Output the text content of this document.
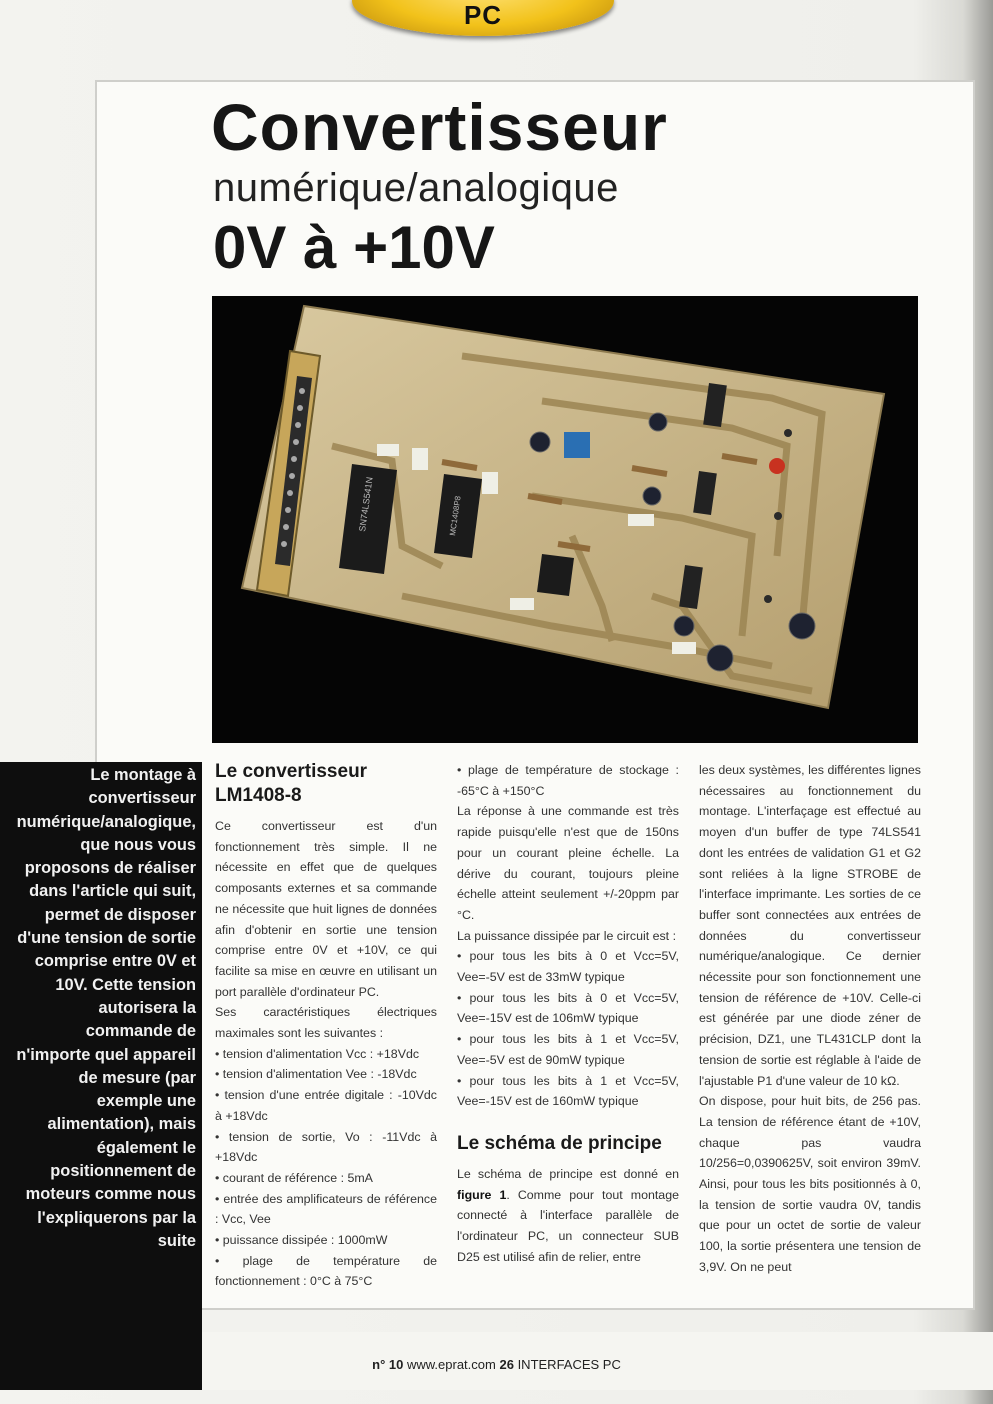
PC
Convertisseur
numérique/analogique
0V à +10V
SN74LS541N	MC1408P8

Le montage à convertisseur numérique/analogique, que nous vous proposons de réaliser dans l'article qui suit, permet de disposer d'une tension de sortie comprise entre 0V et 10V. Cette tension autorisera la commande de n'importe quel appareil de mesure (par exemple une alimentation), mais également le positionnement de moteurs comme nous l'expliquerons par la suite

Le convertisseur LM1408-8

Ce convertisseur est d'un fonctionnement très simple. Il ne nécessite en effet que de quelques composants externes et sa commande ne nécessite que huit lignes de données afin d'obtenir en sortie une tension comprise entre 0V et +10V, ce qui facilite sa mise en œuvre en utilisant un port parallèle d'ordinateur PC.

Ses caractéristiques électriques maximales sont les suivantes :

• tension d'alimentation Vcc : +18Vdc
• tension d'alimentation Vee : -18Vdc
• tension d'une entrée digitale : -10Vdc à +18Vdc
• tension de sortie, Vo : -11Vdc à +18Vdc
• courant de référence : 5mA
• entrée des amplificateurs de référence : Vcc, Vee
• puissance dissipée : 1000mW
• plage de température de fonctionnement : 0°C à 75°C
• plage de température de stockage : -65°C à +150°C

La réponse à une commande est très rapide puisqu'elle n'est que de 150ns pour un courant pleine échelle. La dérive du courant, toujours pleine échelle atteint seulement +/-20ppm par °C.

La puissance dissipée par le circuit est :

• pour tous les bits à 0 et Vcc=5V, Vee=-5V est de 33mW typique
• pour tous les bits à 0 et Vcc=5V, Vee=-15V est de 106mW typique
• pour tous les bits à 1 et Vcc=5V, Vee=-5V est de 90mW typique
• pour tous les bits à 1 et Vcc=5V, Vee=-15V est de 160mW typique
Le schéma de principe

Le schéma de principe est donné en figure 1. Comme pour tout montage connecté à l'interface parallèle de l'ordinateur PC, un connecteur SUB D25 est utilisé afin de relier, entre

les deux systèmes, les différentes lignes nécessaires au fonctionnement du montage. L'interfaçage est effectué au moyen d'un buffer de type 74LS541 dont les entrées de validation G1 et G2 sont reliées à la ligne STROBE de l'interface imprimante. Les sorties de ce buffer sont connectées aux entrées de données du convertisseur numérique/analogique. Ce dernier nécessite pour son fonctionnement une tension de référence de +10V. Celle-ci est générée par une diode zéner de précision, DZ1, une TL431CLP dont la tension de sortie est réglable à l'aide de l'ajustable P1 d'une valeur de 10 kΩ.

On dispose, pour huit bits, de 256 pas. La tension de référence étant de +10V, chaque pas vaudra 10/256=0,0390625V, soit environ 39mV. Ainsi, pour tous les bits positionnés à 0, la tension de sortie vaudra 0V, tandis que pour un octet de sortie de valeur 100, la sortie présentera une tension de 3,9V. On ne peut

n° 10 www.eprat.com 26 INTERFACES PC
